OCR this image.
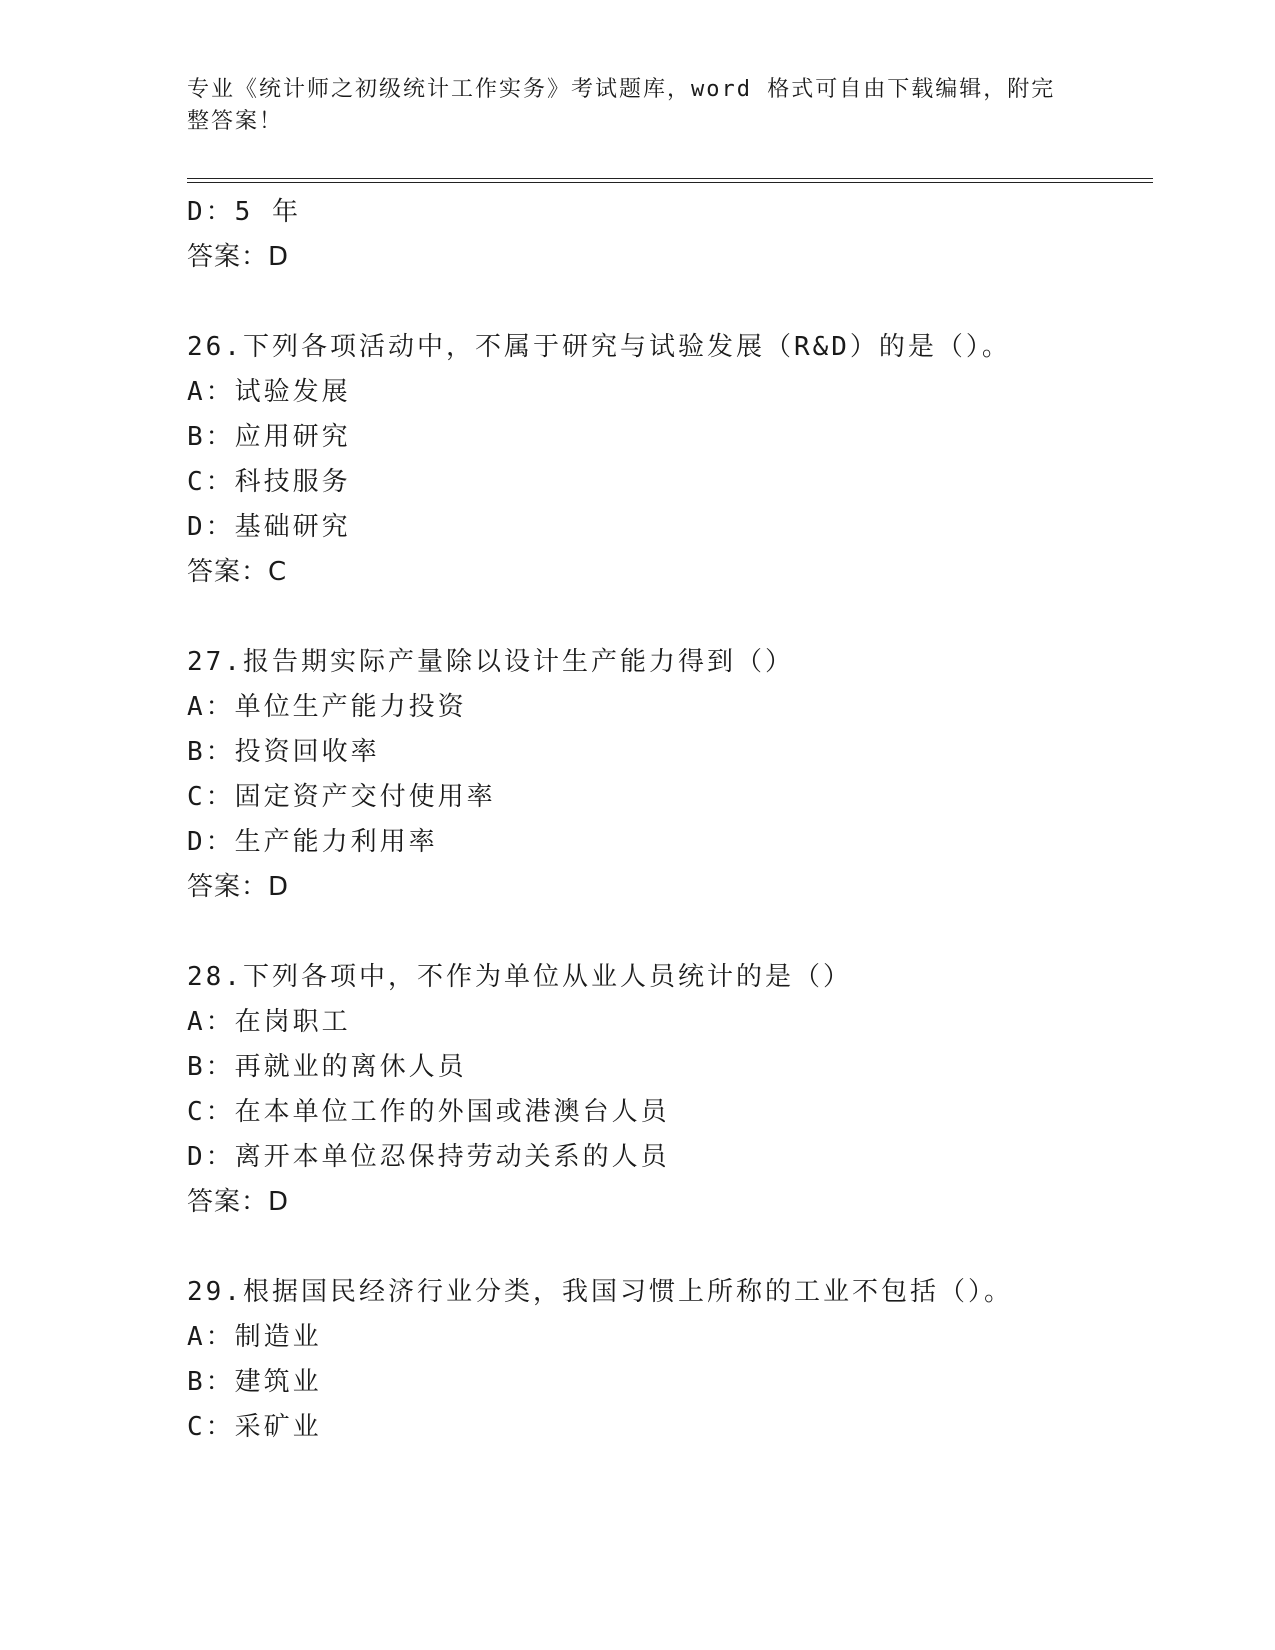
专业《统计师之初级统计工作实务》考试题库，word 格式可自由下载编辑，附完
整答案！
D：5 年
答案：D
26.下列各项活动中，不属于研究与试验发展（R&D）的是（）。
A：试验发展
B：应用研究
C：科技服务
D：基础研究
答案：C
27.报告期实际产量除以设计生产能力得到（）
A：单位生产能力投资
B：投资回收率
C：固定资产交付使用率
D：生产能力利用率
答案：D
28.下列各项中，不作为单位从业人员统计的是（）
A：在岗职工
B：再就业的离休人员
C：在本单位工作的外国或港澳台人员
D：离开本单位忍保持劳动关系的人员
答案：D
29.根据国民经济行业分类，我国习惯上所称的工业不包括（）。
A：制造业
B：建筑业
C：采矿业
